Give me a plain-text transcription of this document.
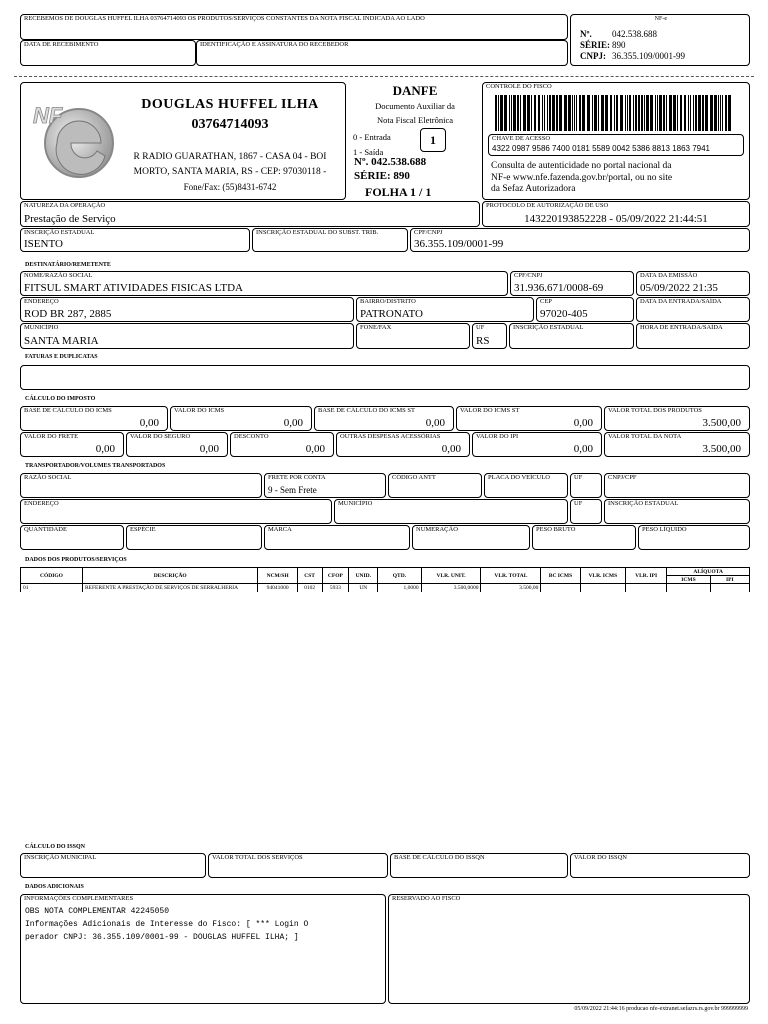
RECEBEMOS DE DOUGLAS HUFFEL ILHA 03764714093 OS PRODUTOS/SERVIÇOS CONSTANTES DA NOTA FISCAL INDICADA AO LADO
DATA DE RECEBIMENTO	IDENTIFICAÇÃO E ASSINATURA DO RECEBEDOR
NF-e
Nº. 042.538.688
SÉRIE: 890
CNPJ: 36.355.109/0001-99
NF	DOUGLAS HUFFEL ILHA
03764714093
R RADIO GUARATHAN, 1867 - CASA 04 - BOI
MORTO, SANTA MARIA, RS - CEP: 97030118 -
Fone/Fax: (55)8431-6742
DANFE
Documento Auxiliar da
Nota Fiscal Eletrônica
0 - Entrada
1 - Saída
1
Nº. 042.538.688
SÉRIE: 890
FOLHA 1 / 1
CONTROLE DO FISCO
CHAVE DE ACESSO
4322 0987 9586 7400 0181 5589 0042 5386 8813 1863 7941
Consulta de autenticidade no portal nacional da
NF-e www.nfe.fazenda.gov.br/portal, ou no site
da Sefaz Autorizadora
NATUREZA DA OPERAÇÃO
Prestação de Serviço
PROTOCOLO DE AUTORIZAÇÃO DE USO
143220193852228 - 05/09/2022 21:44:51
INSCRIÇÃO ESTADUAL
ISENTO
INSCRIÇÃO ESTADUAL DO SUBST. TRIB.	CPF/CNPJ
36.355.109/0001-99
DESTINATÁRIO/REMETENTE
NOME/RAZÃO SOCIAL
FITSUL SMART ATIVIDADES FISICAS LTDA
CPF/CNPJ
31.936.671/0008-69
DATA DA EMISSÃO
05/09/2022 21:35
ENDEREÇO
ROD BR 287, 2885
BAIRRO/DISTRITO
PATRONATO
CEP
97020-405
DATA DA ENTRADA/SAÍDA
MUNICÍPIO
SANTA MARIA
FONE/FAX	UF
RS
INSCRIÇÃO ESTADUAL	HORA DE ENTRADA/SAÍDA
FATURAS E DUPLICATAS
CÁLCULO DO IMPOSTO
BASE DE CÁLCULO DO ICMS
0,00
VALOR DO ICMS
0,00
BASE DE CÁLCULO DO ICMS ST
0,00
VALOR DO ICMS ST
0,00
VALOR TOTAL DOS PRODUTOS
3.500,00
VALOR DO FRETE
0,00
VALOR DO SEGURO
0,00
DESCONTO
0,00
OUTRAS DESPESAS ACESSÓRIAS
0,00
VALOR DO IPI
0,00
VALOR TOTAL DA NOTA
3.500,00
TRANSPORTADOR/VOLUMES TRANSPORTADOS
RAZÃO SOCIAL	FRETE POR CONTA
9 - Sem Frete
CÓDIGO ANTT	PLACA DO VEÍCULO	UF	CNPJ/CPF
ENDEREÇO	MUNICÍPIO	UF	INSCRIÇÃO ESTADUAL
QUANTIDADE	ESPÉCIE	MARCA	NUMERAÇÃO	PESO BRUTO	PESO LÍQUIDO
DADOS DOS PRODUTOS/SERVIÇOS
CÓDIGO	DESCRIÇÃO	NCM/SH	CST	CFOP	UNID.	QTD.	VLR. UNIT.	VLR. TOTAL	BC ICMS	VLR. ICMS	VLR. IPI	ALÍQUOTA	
												ICMS	IPI
01	REFERENTE A PRESTAÇÃO DE SERVIÇOS DE SERRALHERIA	94041000	0102	5933	UN	1,0000	3.500,0000	3.500,00					
CÁLCULO DO ISSQN
INSCRIÇÃO MUNICIPAL	VALOR TOTAL DOS SERVIÇOS	BASE DE CÁLCULO DO ISSQN	VALOR DO ISSQN
DADOS ADICIONAIS
INFORMAÇÕES COMPLEMENTARES
OBS NOTA COMPLEMENTAR 42245050
Informações Adicionais de Interesse do Fisco: [ *** Login O
perador CNPJ: 36.355.109/0001-99 - DOUGLAS HUFFEL ILHA; ]
RESERVADO AO FISCO
05/09/2022 21:44:16 producao nfe-extranet.sefazrs.rs.gov.br 999999999
